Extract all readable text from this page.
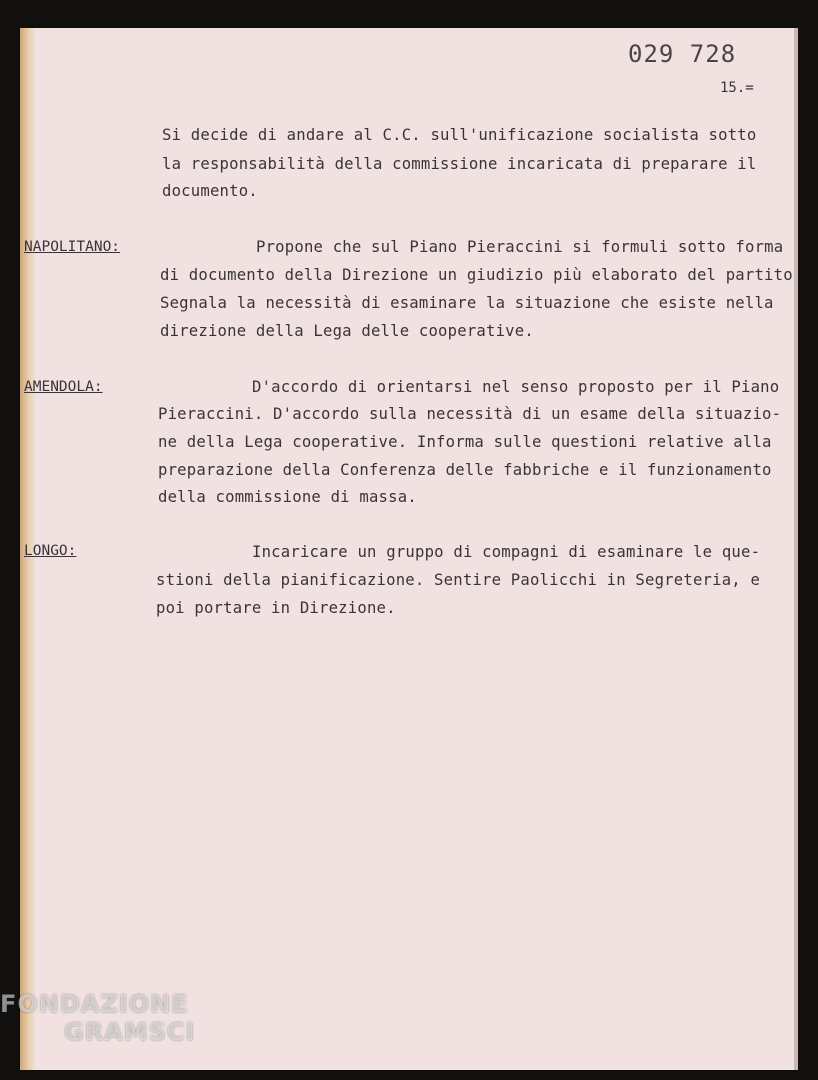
029 728
15.=
Si decide di andare al C.C. sull'unificazione socialista sotto
la responsabilità della commissione incaricata di preparare il
documento.
NAPOLITANO:	Propone che sul Piano Pieraccini si formuli sotto forma
di documento della Direzione un giudizio più elaborato del partito
Segnala la necessità di esaminare la situazione che esiste nella
direzione della Lega delle cooperative.
AMENDOLA:	D'accordo di orientarsi nel senso proposto per il Piano
Pieraccini. D'accordo sulla necessità di un esame della situazio-
ne della Lega cooperative. Informa sulle questioni relative alla
preparazione della Conferenza delle fabbriche e il funzionamento
della commissione di massa.
LONGO:	Incaricare un gruppo di compagni di esaminare le que-
stioni della pianificazione. Sentire Paolicchi in Segreteria, e
poi portare in Direzione.
FONDAZIONE
GRAMSCI
